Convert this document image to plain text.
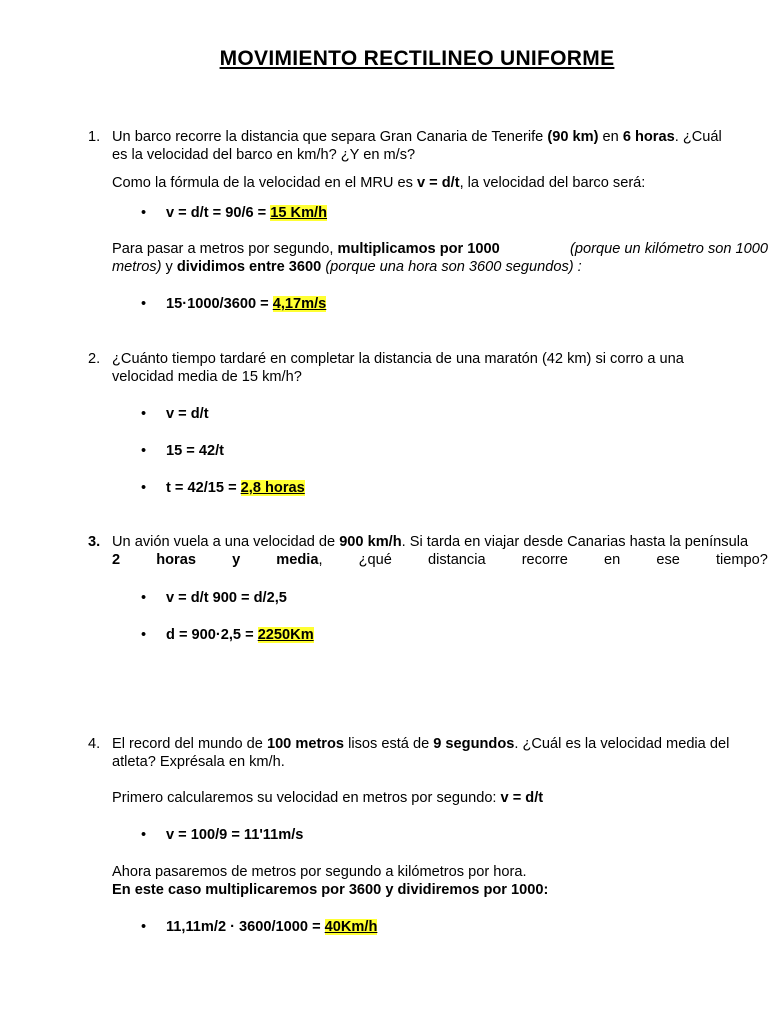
MOVIMIENTO RECTILINEO UNIFORME
1. Un barco recorre la distancia que separa Gran Canaria de Tenerife (90 km) en 6 horas. ¿Cuál
es la velocidad del barco en km/h? ¿Y en m/s?
Como la fórmula de la velocidad en el MRU es v = d/t, la velocidad del barco será:
• v = d/t = 90/6 = 15 Km/h
Para pasar a metros por segundo, multiplicamos por 1000	(porque un kilómetro son 1000
metros) y dividimos entre 3600 (porque una hora son 3600 segundos) :
• 15·1000/3600 = 4,17m/s
2. ¿Cuánto tiempo tardaré en completar la distancia de una maratón (42 km) si corro a una
velocidad media de 15 km/h?
• v = d/t
• 15 = 42/t
• t = 42/15 = 2,8 horas
3. Un avión vuela a una velocidad de 900 km/h. Si tarda en viajar desde Canarias hasta la península
2 horas y media, ¿qué distancia recorre en ese tiempo?
• v = d/t 900 = d/2,5
• d = 900·2,5 = 2250Km
4. El record del mundo de 100 metros lisos está de 9 segundos. ¿Cuál es la velocidad media del
atleta? Exprésala en km/h.
Primero calcularemos su velocidad en metros por segundo: v = d/t
• v = 100/9 = 11'11m/s
Ahora pasaremos de metros por segundo a kilómetros por hora.
En este caso multiplicaremos por 3600 y dividiremos por 1000:
• 11,11m/2 · 3600/1000 = 40Km/h
